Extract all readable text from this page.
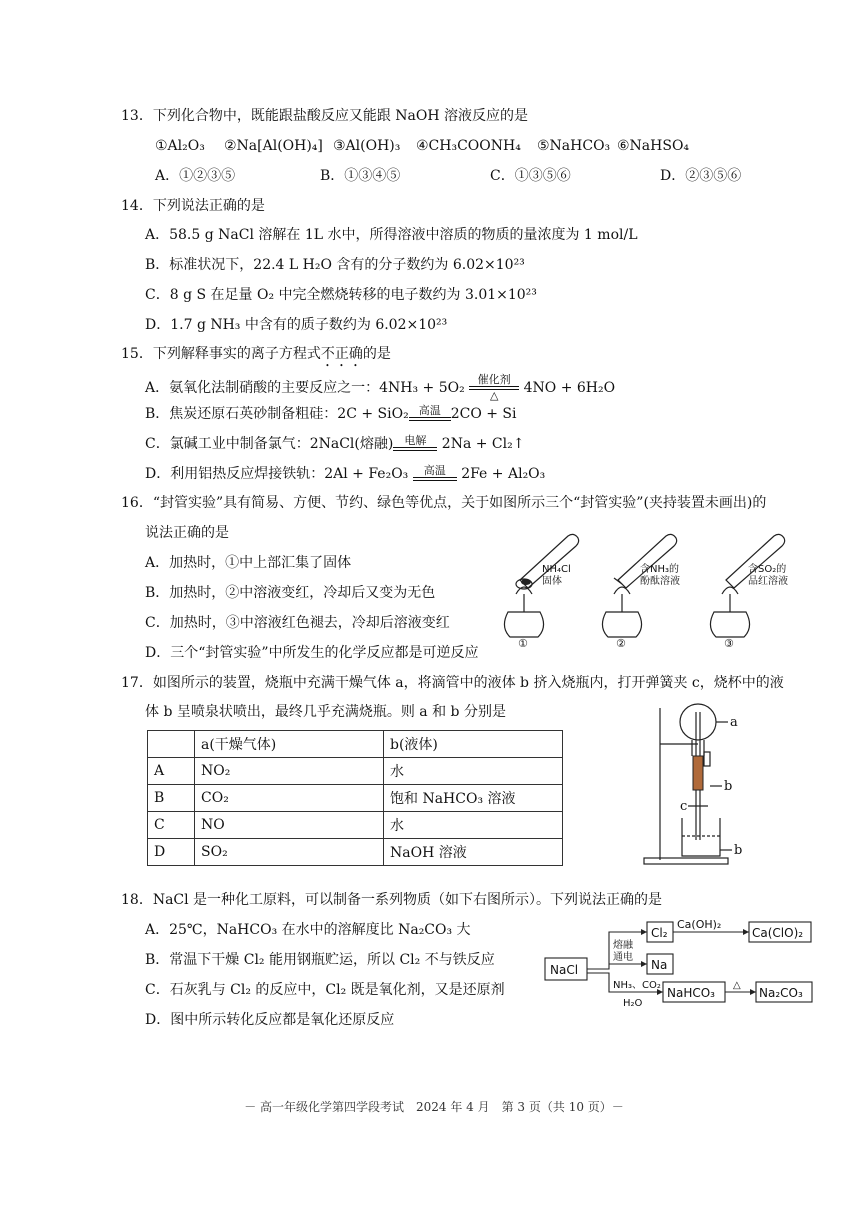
13．下列化合物中，既能跟盐酸反应又能跟 NaOH 溶液反应的是
①Al₂O₃ ②Na[Al(OH)₄] ③Al(OH)₃ ④CH₃COONH₄ ⑤NaHCO₃ ⑥NaHSO₄
A．①②③⑤	B．①③④⑤	C．①③⑤⑥	D．②③⑤⑥
14．下列说法正确的是
A．58.5 g NaCl 溶解在 1L 水中，所得溶液中溶质的物质的量浓度为 1 mol/L
B．标准状况下，22.4 L H₂O 含有的分子数约为 6.02×10²³
C．8 g S 在足量 O₂ 中完全燃烧转移的电子数约为 3.01×10²³
D．1.7 g NH₃ 中含有的质子数约为 6.02×10²³
15．下列解释事实的离子方程式不正确的是
A．氨氧化法制硝酸的主要反应之一：4NH₃ + 5O₂
催化剂
△	4NO + 6H₂O
B．焦炭还原石英砂制备粗硅：2C + SiO₂ 高温 2CO + Si
C．氯碱工业中制备氯气：2NaCl(熔融)	电解	2Na + Cl₂↑
D．利用铝热反应焊接铁轨：2Al + Fe₂O₃	高温	2Fe + Al₂O₃
16．“封管实验”具有简易、方便、节约、绿色等优点，关于如图所示三个“封管实验”(夹持装置未画出)的
说法正确的是
A．加热时，①中上部汇集了固体
B．加热时，②中溶液变红，冷却后又变为无色
C．加热时，③中溶液红色褪去，冷却后溶液变红
D．三个“封管实验”中所发生的化学反应都是可逆反应
NH₄Cl
固体
含NH₃的
酚酞溶液
含SO₂的
品红溶液
①	②	③
17．如图所示的装置，烧瓶中充满干燥气体 a，将滴管中的液体 b 挤入烧瓶内，打开弹簧夹 c，烧杯中的液
体 b 呈喷泉状喷出，最终几乎充满烧瓶。则 a 和 b 分别是
	a(干燥气体)	b(液体)
A	NO₂	水
B	CO₂	饱和 NaHCO₃ 溶液
C	NO	水
D	SO₂	NaOH 溶液
a
b
c
b
18．NaCl 是一种化工原料，可以制备一系列物质（如下右图所示）。下列说法正确的是
A．25℃，NaHCO₃ 在水中的溶解度比 Na₂CO₃ 大
B．常温下干燥 Cl₂ 能用钢瓶贮运，所以 Cl₂ 不与铁反应
C．石灰乳与 Cl₂ 的反应中，Cl₂ 既是氧化剂，又是还原剂
D．图中所示转化反应都是氧化还原反应
NaCl
Cl₂
Na
Ca(ClO)₂
NaHCO₃	Na₂CO₃
Ca(OH)₂
熔融
通电
NH₃、CO₂
H₂O
△
－ 高一年级化学第四学段考试　2024 年 4 月　第 3 页（共 10 页）－
